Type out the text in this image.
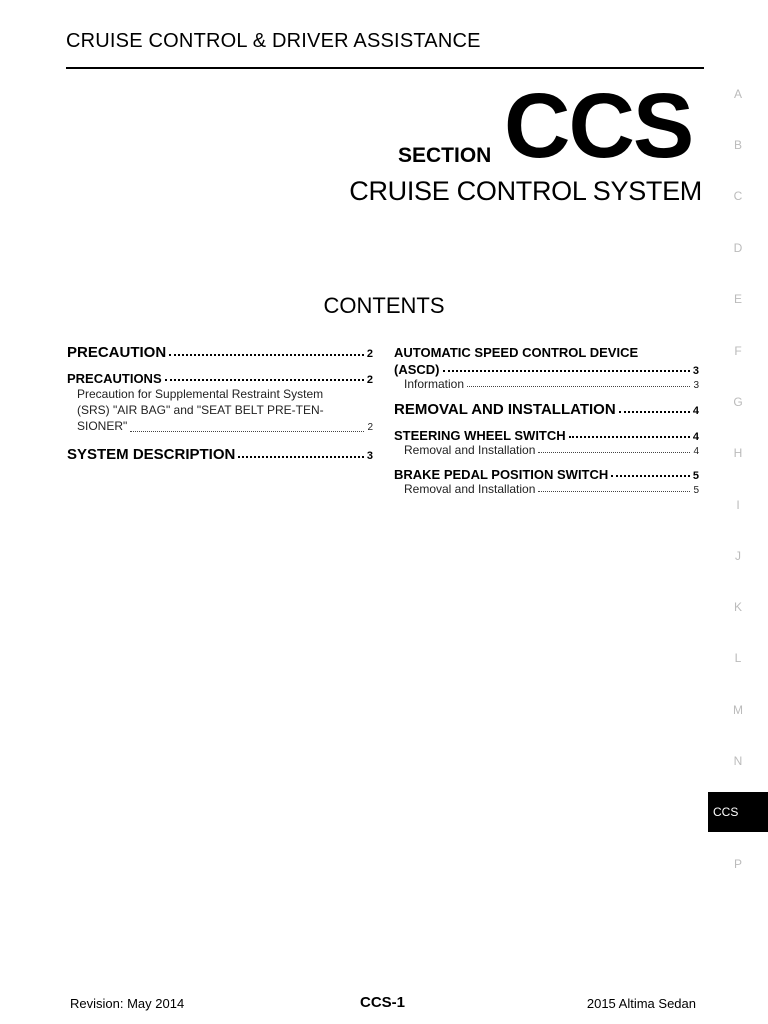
CRUISE CONTROL & DRIVER ASSISTANCE
SECTION CCS
CRUISE CONTROL SYSTEM
CONTENTS
PRECAUTION	2
PRECAUTIONS	2
Precaution for Supplemental Restraint System
(SRS) "AIR BAG" and "SEAT BELT PRE-TEN-
SIONER"	2
SYSTEM DESCRIPTION	3
AUTOMATIC SPEED CONTROL DEVICE
(ASCD)	3
Information	3
REMOVAL AND INSTALLATION	4
STEERING WHEEL SWITCH	4
Removal and Installation	4
BRAKE PEDAL POSITION SWITCH	5
Removal and Installation	5
A
B
C
D
E
F
G
H
I
J
K
L
M
N
CCS
P
Revision: May 2014	CCS-1	2015 Altima Sedan
